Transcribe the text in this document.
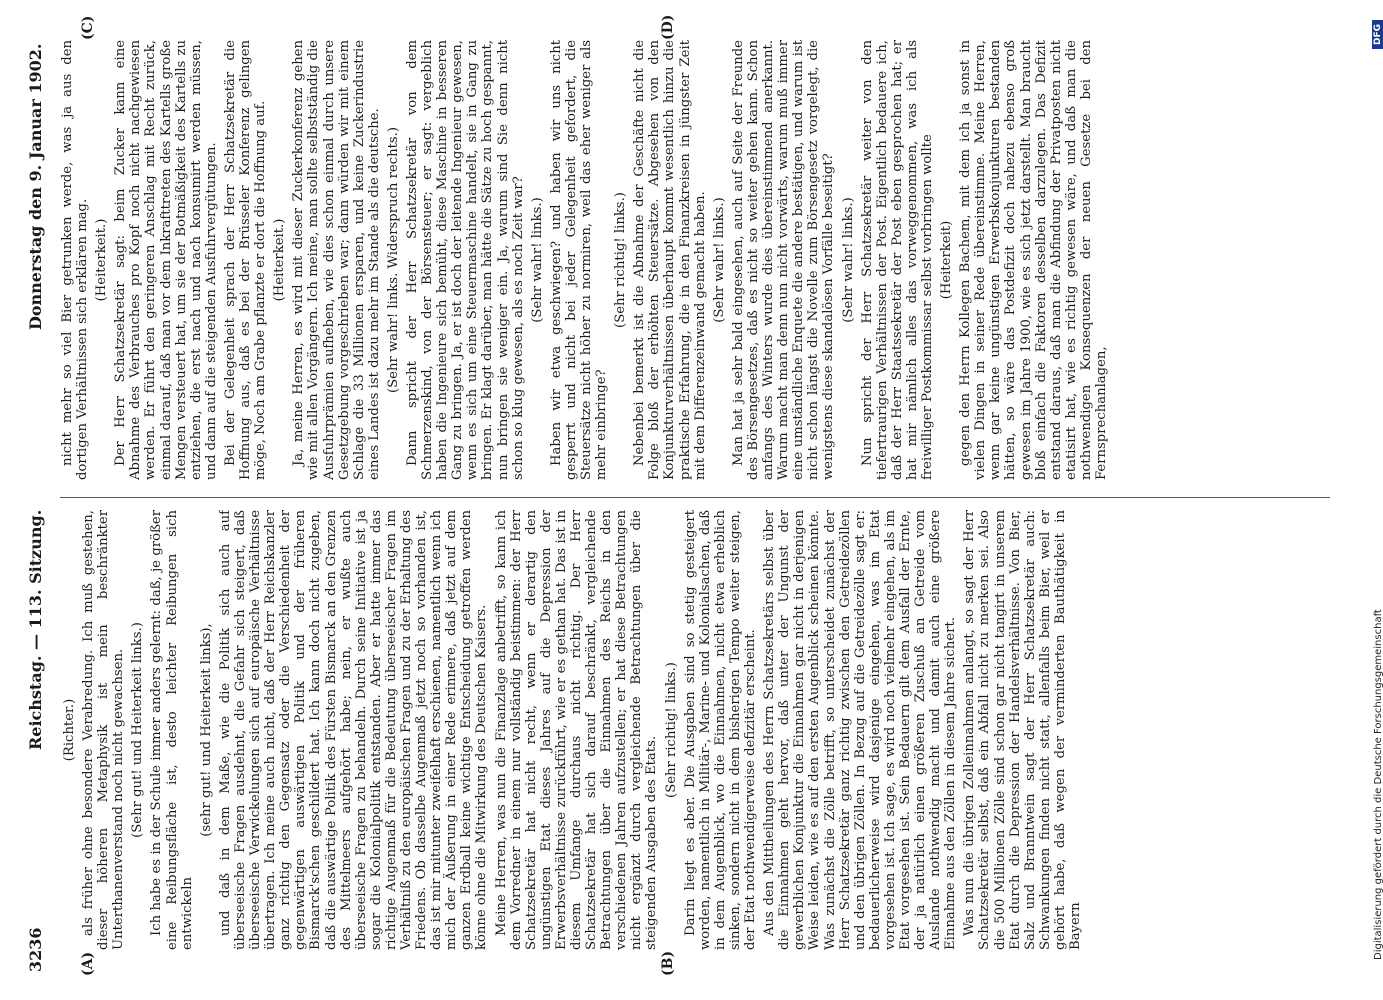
3236
Reichstag. — 113. Sitzung.
Donnerstag den 9. Januar 1902.
(A)	(B)
(C)	(D)

(Richter.) als früher ohne besondere Verabredung. Ich muß gestehen, dieser höheren Metaphysik ist mein beschränkter Unterthanenverstand noch nicht gewachsen. (Sehr gut! und Heiterkeit links.) Ich habe es in der Schule immer anders gelernt: daß, je größer eine Reibungsfläche ist, desto leichter Reibungen sich entwickeln

(sehr gut! und Heiterkeit links), und daß in dem Maße, wie die Politik sich auch auf überseeische Fragen ausdehnt, die Gefahr sich steigert, daß überseeische Verwickelungen sich auf europäische Verhältnisse übertragen. Ich meine auch nicht, daß der Herr Reichskanzler ganz richtig den Gegensatz oder die Verschiedenheit der gegenwärtigen auswärtigen Politik und der früheren Bismarck'schen geschildert hat. Ich kann doch nicht zugeben, daß die auswärtige Politik des Fürsten Bismarck an den Grenzen des Mittelmeers aufgehört habe; nein, er wußte auch überseeische Fragen zu behandeln. Durch seine Initiative ist ja sogar die Kolonialpolitik entstanden. Aber er hatte immer das richtige Augenmaß für die Bedeutung überseeischer Fragen im Verhältniß zu den europäischen Fragen und zu der Erhaltung des Friedens. Ob dasselbe Augenmaß jetzt noch so vorhanden ist, das ist mir mitunter zweifelhaft erschienen, namentlich wenn ich mich der Äußerung in einer Rede erinnere, daß jetzt auf dem ganzen Erdball keine wichtige Entscheidung getroffen werden könne ohne die Mitwirkung des Deutschen Kaisers. Meine Herren, was nun die Finanzlage anbetrifft, so kann ich dem Vorredner in einem nur vollständig beistimmen: der Herr Schatzsekretär hat nicht recht, wenn er derartig den ungünstigen Etat dieses Jahres auf die Depression der Erwerbsverhältnisse zurückführt, wie er es gethan hat. Das ist in diesem Umfange durchaus nicht richtig. Der Herr Schatzsekretär hat sich darauf beschränkt, vergleichende Betrachtungen über die Einnahmen des Reichs in den verschiedenen Jahren aufzustellen; er hat diese Betrachtungen nicht ergänzt durch vergleichende Betrachtungen über die steigenden Ausgaben des Etats.

(Sehr richtig! links.) Darin liegt es aber. Die Ausgaben sind so stetig gesteigert worden, namentlich in Militär-, Marine- und Kolonialsachen, daß in dem Augenblick, wo die Einnahmen, nicht etwa erheblich sinken, sondern nicht in dem bisherigen Tempo weiter steigen, der Etat nothwendigerweise defizitär erscheint. Aus den Mittheilungen des Herrn Schatzsekretärs selbst über die Einnahmen geht hervor, daß unter der Ungunst der gewerblichen Konjunktur die Einnahmen gar nicht in derjenigen Weise leiden, wie es auf den ersten Augenblick scheinen könnte. Was zunächst die Zölle betrifft, so unterscheidet zunächst der Herr Schatzsekretär ganz richtig zwischen den Getreidezöllen und den übrigen Zöllen. In Bezug auf die Getreidezölle sagt er: bedauerlicherweise wird dasjenige eingehen, was im Etat vorgesehen ist. Ich sage, es wird noch vielmehr eingehen, als im Etat vorgesehen ist. Sein Bedauern gilt dem Ausfall der Ernte, der ja natürlich einen größeren Zuschuß an Getreide vom Auslande nothwendig macht und damit auch eine größere Einnahme aus den Zöllen in diesem Jahre sichert. Was nun die übrigen Zolleinnahmen anlangt, so sagt der Herr Schatzsekretär selbst, daß ein Abfall nicht zu merken sei. Also die 500 Millionen Zölle sind schon gar nicht tangirt in unserem Etat durch die Depression der Handelsverhältnisse. Von Bier, Salz und Branntwein sagt der Herr Schatzsekretär auch: Schwankungen finden nicht statt, allenfalls beim Bier, weil er gehört habe, daß wegen der verminderten Bauthätigkeit in Bayern

nicht mehr so viel Bier getrunken werde, was ja aus den dortigen Verhältnissen sich erklären mag. (Heiterkeit.) Der Herr Schatzsekretär sagt: beim Zucker kann eine Abnahme des Verbrauches pro Kopf noch nicht nachgewiesen werden. Er führt den geringeren Anschlag mit Recht zurück, einmal darauf, daß man vor dem Inkrafttreten des Kartells große Mengen versteuert hat, um sie der Botmäßigkeit des Kartells zu entziehen, die erst nach und nach konsumirt werden müssen, und dann auf die steigenden Ausfuhrvergütungen. Bei der Gelegenheit sprach der Herr Schatzsekretär die Hoffnung aus, daß es bei der Brüsseler Konferenz gelingen möge, Noch am Grabe pflanzte er dort die Hoffnung auf. (Heiterkeit.) Ja, meine Herren, es wird mit dieser Zuckerkonferenz gehen wie mit allen Vorgängern. Ich meine, man sollte selbstständig die Ausfuhrprämien aufheben, wie dies schon einmal durch unsere Gesetzgebung vorgeschrieben war; dann würden wir mit einem Schlage die 33 Millionen ersparen, und keine Zuckerindustrie eines Landes ist dazu mehr im Stande als die deutsche. (Sehr wahr! links. Widerspruch rechts.) Dann spricht der Herr Schatzsekretär von dem Schmerzenskind, von der Börsensteuer; er sagt: vergeblich haben die Ingenieure sich bemüht, diese Maschine in besseren Gang zu bringen. Ja, er ist doch der leitende Ingenieur gewesen, wenn es sich um eine Steuermaschine handelt, sie in Gang zu bringen. Er klagt darüber, man hätte die Sätze zu hoch gespannt, nun bringen sie weniger ein. Ja, warum sind Sie denn nicht schon so klug gewesen, als es noch Zeit war? (Sehr wahr! links.) Haben wir etwa geschwiegen? und haben wir uns nicht gesperrt und nicht bei jeder Gelegenheit gefordert, die Steuersätze nicht höher zu normiren, weil das eher weniger als mehr einbringe?

(Sehr richtig! links.) Nebenbei bemerkt ist die Abnahme der Geschäfte nicht die Folge bloß der erhöhten Steuersätze. Abgesehen von den Konjunkturverhältnissen überhaupt kommt wesentlich hinzu die praktische Erfahrung, die in den Finanzkreisen in jüngster Zeit mit dem Differenzeinwand gemacht haben. (Sehr wahr! links.) Man hat ja sehr bald eingesehen, auch auf Seite der Freunde des Börsengesetzes, daß es nicht so weiter gehen kann. Schon anfangs des Winters wurde dies übereinstimmend anerkannt. Warum macht man denn nun nicht vorwärts, warum muß immer eine umständliche Enquete die andere bestätigen, und warum ist nicht schon längst die Novelle zum Börsengesetz vorgelegt, die wenigstens diese skandalösen Vorfälle beseitigt? (Sehr wahr! links.) Nun spricht der Herr Schatzsekretär weiter von den tiefertraurigen Verhältnissen der Post. Eigentlich bedauere ich, daß der Herr Staatssekretär der Post eben gesprochen hat; er hat mir nämlich alles das vorweggenommen, was ich als freiwilliger Postkommissar selbst vorbringen wollte (Heiterkeit) gegen den Herrn Kollegen Bachem, mit dem ich ja sonst in vielen Dingen in seiner Rede übereinstimme. Meine Herren, wenn gar keine ungünstigen Erwerbskonjunkturen bestanden hätten, so wäre das Postdefizit doch nahezu ebenso groß gewesen im Jahre 1900, wie es sich jetzt darstellt. Man braucht bloß einfach die Faktoren desselben darzulegen. Das Defizit entstand daraus, daß man die Abfindung der Privatposten nicht etatisirt hat, wie es richtig gewesen wäre, und daß man die nothwendigen Konsequenzen der neuen Gesetze bei den Fernsprechanlagen,

Digitalisierung gefördert durch die Deutsche Forschungsgemeinschaft
DFG
